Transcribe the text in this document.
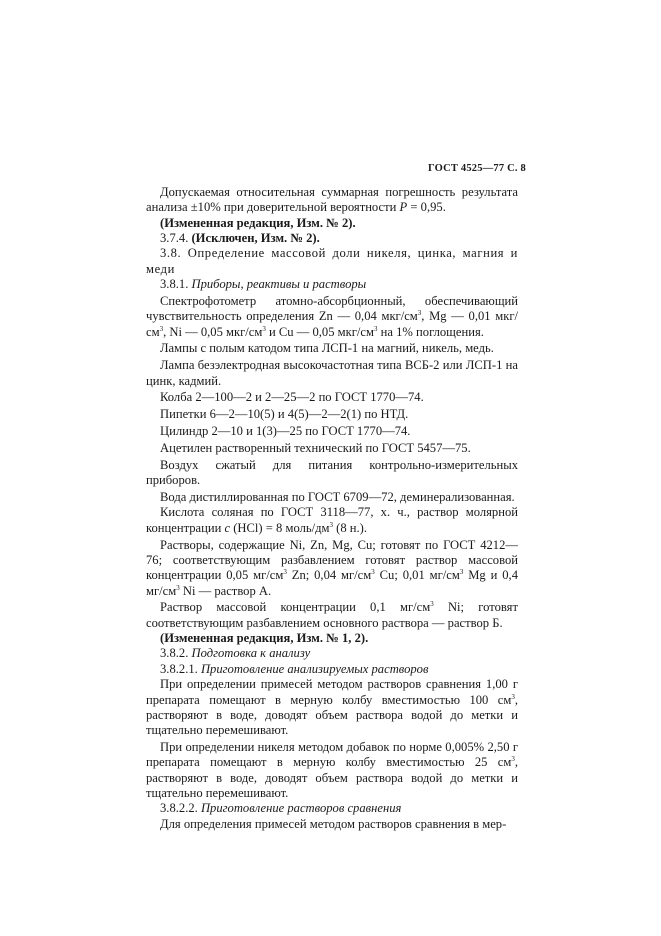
ГОСТ 4525—77 С. 8

Допускаемая относительная суммарная погрешность результата анализа ±10% при доверительной вероятности P = 0,95.

(Измененная редакция, Изм. № 2).

3.7.4. (Исключен, Изм. № 2).

3.8. Определение массовой доли никеля, цинка, магния и меди

3.8.1. Приборы, реактивы и растворы

Спектрофотометр атомно-абсорбционный, обеспечивающий чувствительность определения Zn — 0,04 мкг/$см^3$, Mg — 0,01 мкг/$см^3$, Ni — 0,05 мкг/$см^3$ и Cu — 0,05 мкг/$см^3$ на 1% поглощения.

Лампы с полым катодом типа ЛСП-1 на магний, никель, медь.

Лампа безэлектродная высокочастотная типа ВСБ-2 или ЛСП-1 на цинк, кадмий.

Колба 2—100—2 и 2—25—2 по ГОСТ 1770—74.

Пипетки 6—2—10(5) и 4(5)—2—2(1) по НТД.

Цилиндр 2—10 и 1(3)—25 по ГОСТ 1770—74.

Ацетилен растворенный технический по ГОСТ 5457—75.

Воздух сжатый для питания контрольно-измерительных приборов.

Вода дистиллированная по ГОСТ 6709—72, деминерализованная.

Кислота соляная по ГОСТ 3118—77, х. ч., раствор молярной концентрации c (HCl) = 8 моль/$дм^3$ (8 н.).

Растворы, содержащие Ni, Zn, Mg, Cu; готовят по ГОСТ 4212—76; соответствующим разбавлением готовят раствор массовой концентрации 0,05 $мг/см^3$ Zn; 0,04 $мг/см^3$ Cu; 0,01 $мг/см^3$ Mg и 0,4 $мг/см^3$ Ni — раствор А.

Раствор массовой концентрации 0,1 $мг/см^3$ Ni; готовят соответствующим разбавлением основного раствора — раствор Б.

(Измененная редакция, Изм. № 1, 2).

3.8.2. Подготовка к анализу

3.8.2.1. Приготовление анализируемых растворов

При определении примесей методом растворов сравнения 1,00 г препарата помещают в мерную колбу вместимостью 100 $см^3$, растворяют в воде, доводят объем раствора водой до метки и тщательно перемешивают.

При определении никеля методом добавок по норме 0,005% 2,50 г препарата помещают в мерную колбу вместимостью 25 $см^3$, растворяют в воде, доводят объем раствора водой до метки и тщательно перемешивают.

3.8.2.2. Приготовление растворов сравнения

Для определения примесей методом растворов сравнения в мер-
